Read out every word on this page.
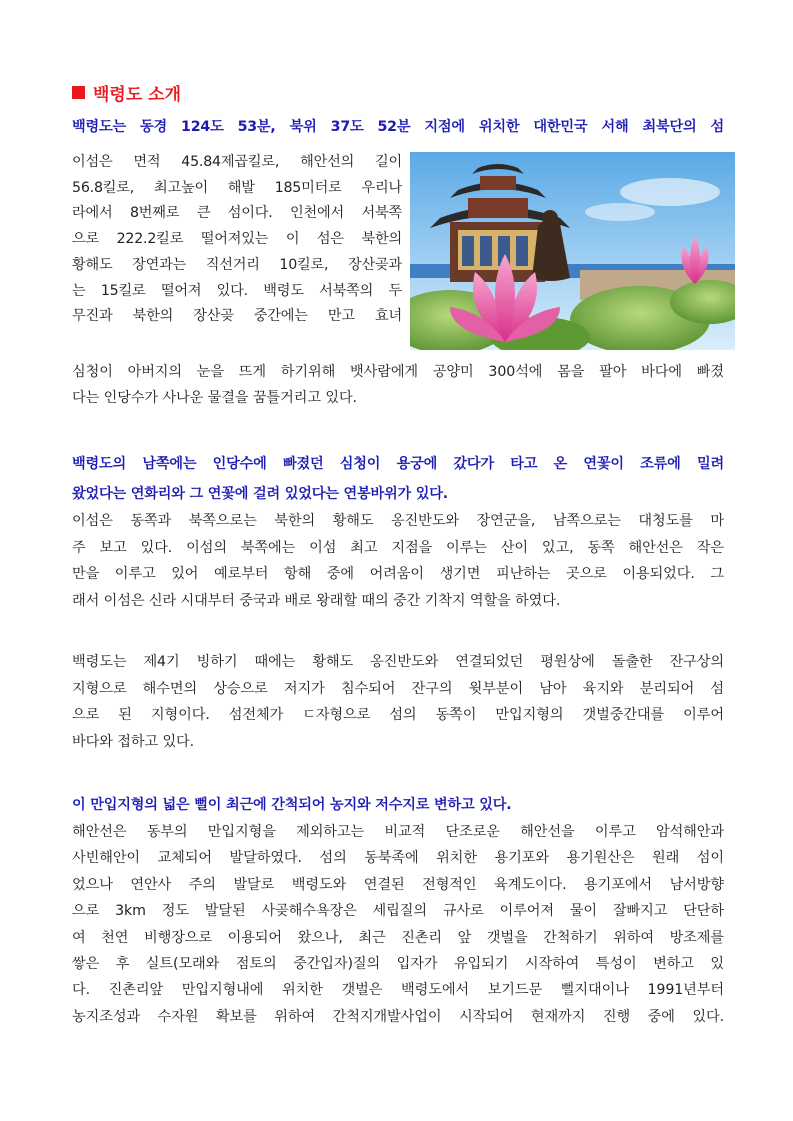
백령도 소개
백령도는 동경 124도 53분, 북위 37도 52분 지점에 위치한 대한민국 서해 최북단의 섬
이섬은 면적 45.84제곱킬로, 해안선의 길이
56.8킬로, 최고높이 해발 185미터로 우리나
라에서 8번째로 큰 섬이다. 인천에서 서북쪽
으로 222.2킬로 떨어져있는 이 섬은 북한의
황해도 장연과는 직선거리 10킬로, 장산곶과
는 15킬로 떨어져 있다. 백령도 서북쪽의 두
무진과 북한의 장산곶 중간에는 만고 효녀
심청이 아버지의 눈을 뜨게 하기위해 뱃사람에게 공양미 300석에 몸을 팔아 바다에 빠졌
다는 인당수가 사나운 물결을 꿈틀거리고 있다.
백령도의 남쪽에는 인당수에 빠졌던 심청이 용궁에 갔다가 타고 온 연꽃이 조류에 밀려
왔었다는 연화리와 그 연꽃에 걸려 있었다는 연봉바위가 있다.
이섬은 동쪽과 북쪽으로는 북한의 황해도 옹진반도와 장연군을, 남쪽으로는 대청도를 마
주 보고 있다. 이섬의 북쪽에는 이섬 최고 지점을 이루는 산이 있고, 동쪽 해안선은 작은
만을 이루고 있어 예로부터 항해 중에 어려움이 생기면 피난하는 곳으로 이용되었다. 그
래서 이섬은 신라 시대부터 중국과 배로 왕래할 때의 중간 기착지 역할을 하였다.
백령도는 제4기 빙하기 때에는 황해도 옹진반도와 연결되었던 평원상에 돌출한 잔구상의
지형으로 해수면의 상승으로 저지가 침수되어 잔구의 윗부분이 남아 육지와 분리되어 섬
으로 된 지형이다. 섬전체가 ㄷ자형으로 섬의 동쪽이 만입지형의 갯벌중간대를 이루어
바다와 접하고 있다.
이 만입지형의 넓은 뻘이 최근에 간척되어 농지와 저수지로 변하고 있다.
해안선은 동부의 만입지형을 제외하고는 비교적 단조로운 해안선을 이루고 암석해안과
사빈해안이 교체되어 발달하였다. 섬의 동북족에 위치한 용기포와 용기원산은 원래 섬이
었으나 연안사 주의 발달로 백령도와 연결된 전형적인 육계도이다. 용기포에서 남서방향
으로 3km 정도 발달된 사곶해수욕장은 세립질의 규사로 이루어져 물이 잘빠지고 단단하
여 천연 비행장으로 이용되어 왔으나, 최근 진촌리 앞 갯벌을 간척하기 위하여 방조제를
쌓은 후 실트(모래와 점토의 중간입자)질의 입자가 유입되기 시작하여 특성이 변하고 있
다. 진촌리앞 만입지형내에 위치한 갯벌은 백령도에서 보기드문 뻘지대이나 1991년부터
농지조성과 수자원 확보를 위하여 간척지개발사업이 시작되어 현재까지 진행 중에 있다.
